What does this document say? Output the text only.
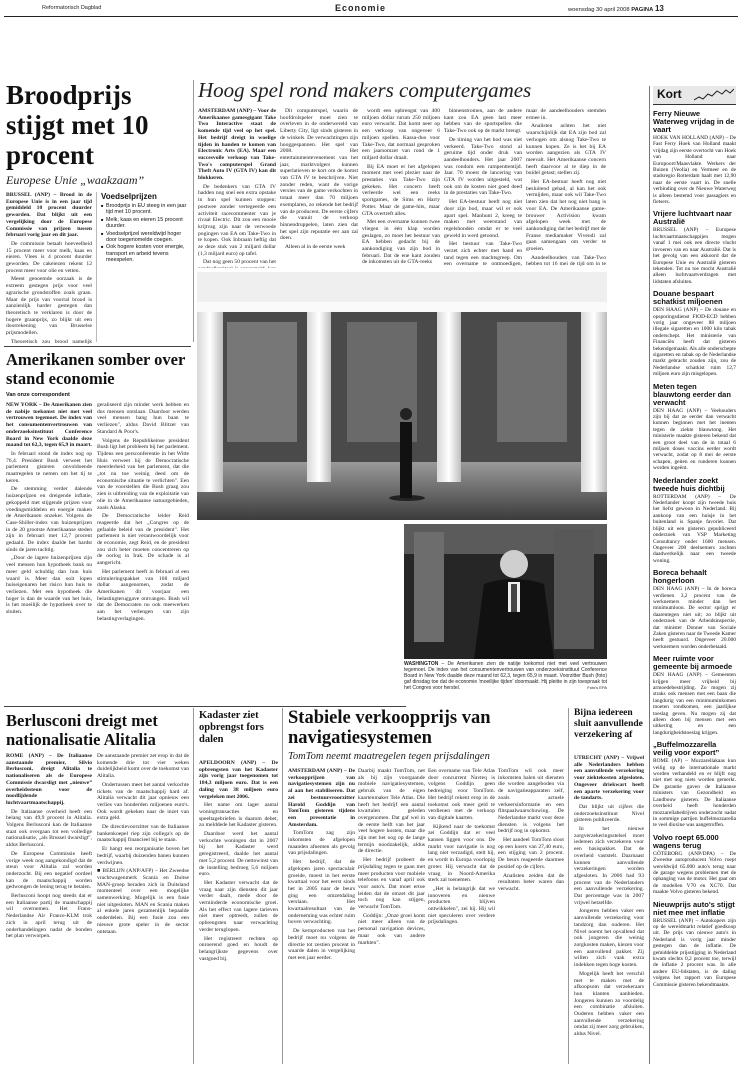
Reformatorisch Dagblad	Economie	woensdag 30 april 2008 PAGINA 13
Broodprijs stijgt met 10 procent
Europese Unie „waakzaam”

BRUSSEL (ANP) – Brood in de Europese Unie is in een jaar tijd gemiddeld 10 procent duurder geworden. Dat blijkt uit een vergelijking door de Europese Commissie van prijzen tussen februari vorig jaar en dit jaar.

De commissie betaalt hoeveelheid 15 procent meer voor melk, kaas en eieren. Vlees is 4 procent duurder geworden. De cakeiezen rekent 12 procent meer voor olie en vetten.

Meest genoemde oorzaak is de extreem gestegen prijs voor veel agrarische grondstoffen zoals graan. Maar de prijs van voorral brood is aanzienlijk harder gestegen dan theoretisch te verklaren is door de hogere graanprijs, zo blijkt uit een doorrekening van Brusselse prijsmodellen.

Theoretisch zou brood namelijk

Voedselprijzen
■ Broodprijs in EU steeg in een jaar tijd met 10 procent.
■ Melk, kaas en eieren 15 procent duurder.
■ Voedselprijzel wereldwijd hoger door toegenomelde coegen.
■ Ook hogere kosten voor energie, transport en arbeid tevens meespelen.
Hoog spel rond makers computergames

AMSTERDAM (ANP) – Voor de Amerikaanse gamesgigant Take Two Interactive staat de komende tijd veel op het spel. Het bedrijf dreigt in woelige tijden in handen te komen van Electronic Arts (EA). Maar een succesvolle verkoop van Take-Two's computerspel Grand Theft Auto IV (GTA IV) kan dit blokkeren.

De bedenkers van GTA IV hadden nog snel een extra opstake in hun spel kunnen stoppen: postwee zonder vertegeerde een activiteit racecommenter van je rivaal Electric. Dit zou een mooie krijtvag zijn naar de verwoede pogingen van EA om Take-Two in te kopen. Ook Inbraam heftig dat ze deze stuk van 2 miljard dollar (1,3 miljard euro) op tafel.

Dat nog geen 50 procent van het

Dit computerspel, waarin de hoofdrolspeler moet zien te overleven in de onderwereld van Liberty City, ligt sinds gisteren in de winkels. De verwachtingen zijn hooggespannen. Het spel van 2008. Het entertainmentevenement van het jaar, marktvolgers kunnen superlatieven te kort om de komst van GTA IV te beschrijven. Niet zonder reden, want de vorige versies van de game verkochten in totaal meer dan 70 miljoen exemplaren, zo rekende het bedrijf van de producent. De eerste cijfers die vanuit de verkoop binnendruppelen, laten zien dat het spel zijn reputatie eer aan zal doen.

Alleen al in de eerste week

wordt een opbrengst van 400 miljoen dollar rurum 250 miljoen euro verwacht. Dat komt neer op een verkoop van ongeveer 6 miljoen spellen. Kassa-duo voor Take-Two, dat normaal gesproken een jaarsomzet van rond de 1 miljard dollar draait.

Bij EA moet er het afgelopen moment met veel plezier naar de prestaties van Take-Two zijn gekeken. Het concern heeft verleerde wel een reeks sportgames, de Sims en Harry Potter. Maar de game-hits, maar GTA overtreft alles.

Met een overname kunnen twee vliegen in één klap worden geslagen, zo moet het bestuur van EA hebben gedacht bij de aankondiging van zijn bod in februari. Dat de ene kant zouden de inkomsten uit de GTA-reeks

binnenstromen, aan de andere kant zou EA geen last meer hebben van de sportspellen die Take-Two ook op de markt brengt.

De timing van het bod was niet verkeerd. Take-Two stond al geruime tijd onder druk van aandeelhouders. Het jaar 2007 was rondom een rampenttentijd. Jaar. 70 moest de lancering van GTA IV worden uitgesteld, wat ook om de kosten niet goed deed in de prestaties van Take-Two.

Het EA-bestuur heeft nog niet door zijn bod, maar wil er ook apart spel. Manhunt 2, kreeg te maken met weerstand van regelshonden omdat er te veel geweld in werd getoond.

Het bestuur van Take-Two verzet zich echter met hand en tand tegen een machtsgreep. Om een overname te ontmoedigen,

maar de aandeelhouders stemden ermee in.

Analisten achten het niet waarschijnlijk dat EA zijn bod zal verhogen om alsnog Take-Two te kunnen kopen. Ze is het bij EA worden aangezien als GTA IV meevalt. Het Amerikaanse concern heeft daarvoor al te diep in de buidel getast; stellen zij.

Het EA-bestuur heeft nog niet besluitend gehad, al kan het ook vermijden, maar ook wil Take-Two laten zien dat het nog niet bang is voor EA. De Amerikaanse game-brouwer Activision kwam afgelopen week met de aankondiging dat het bedrijf met de Franse mediamaker Vivendi zal gaan samengaan om verder te groeien.

Aandeelhouders van Take-Two hebben tot 16 mei de tijd om in te

WASHINGTON – De Amerikanen zien de natiije toekomst niet met veel vertrouwen tegemoet. De index van het consumentenvertrouwen van onderzoeksinstituut Conference Board in New York daalde deze maand tot 62,3, tegen 65,9 in maart. Voorzitter Bush (foto) gaf dinsdag toe dat de economie 'moeilijke tijden' doormaakt. Hij pleitte in zijn toespraak tot het Congres voor herstel.	Foto's EPA
Amerikanen somber over stand economie
Van onze correspondent

NEW YORK – De Amerikanen zien de nabije toekomst niet met veel vertrouwen tegemoet. De index van het consumentenvertrouwen van onderzoeksinstituut Conference Board in New York daalde deze maand tot 62,3, tegen 65,9 in maart.

In februari stond de index nog op 76,4. President Bush verweet het parlement gisteren onvoldoende maatregelen te nemen om het tij te keren.

De stemming verder dalende huizenprijzen en dreigende inflatie, gekoppeld met stijgende prijzen voor voedingsmiddelen en energie maken de Amerikanen onzeker. Volgens de Case-Shiller-index van huizenprijzen in de 20 grootste Amerikaanse steden zijn in februari met 12,7 procent gedaald. De index daalde het hardst sinds de jaren tachtig.

„Door de lagere huizenprijzen zijn veel mensen hun hypotheek bank nu meer geld schuldig dan hun huis waard is. Meer dan ooit lopen huiseigenaren het risico hun huis te verliezen. Met een hypotheek die hoger is dan de waarde van het huis, is het moeilijk de hypotheek over te sluiten.

geraliseerd zijn minder werk hebben en dus mensen ontslaan. Daardoor werden veel mensen bang hun baan te verliezen", aldus David Blitzer van Standard & Poor's.

Volgens de Republikeinse president Bush ligt het probleem bij het parlement. Tijdens een persconferentie in het Witte Huis verweet hij de Democratische meerderheid van het parlement, dat die „tot nu toe weinig deed om de economische situatie te verlichten". Een van de voorstellen die Bush graag zou zien is uitbreiding van de exploitatie van olie in de Amerikaanse natuurgebieden, zoals Alaska.

De Democratische leider Reid reageerde dat het „Congres op de gefaalde beleid van de president". Het parlement is niet verantwoordelijk voor de economie, zegt Reid, en de president zou zich beter moeten concentreren op de oorlog in Irak. De schade is al aangericht.

Het parlement heeft in februari al een stimuleringspakket van 168 miljard dollar aangenomen, zodat de Amerikanen dit voorjaar een belastingteruggave ontvangen. Bush wil dat de Democraten nu ook meewerken aan het verlengen van zijn belastingverlagingen.

Berlusconi dreigt met nationalisatie Alitalia

ROME (ANP) – De Italiaanse aanstaande premier, Silvio Berlusconi, dreigt Alitalia te nationaliseren als de Europese Commissie dwarsligt met „nieuwe” overheidssteun voor de noodlijdende luchtvaartmaatschappij.

De Italiaanse overheid heeft een belang van 49,9 procent in Alitalia. Volgens Berlusconi kan de Italiaanse staat ook overgaan tot een volledige nationalisatie, „als Brussel dwarsligt", aldus Berlusconi.

De Europese Commissie heeft vorige week nog aangekondigd dat de steun voor Alitalia zal worden onderzocht. Bij een negatief oordeel kan de maatschappij worden gedwongen de lening terug te betalen.

Berlusconi hoopt nog steeds dat er een Italiaanse partij de maatschappij wil overnemen. Het Frans-Nederlandse Air France-KLM trok zich in april terug uit de onderhandelingen nadat de bonden het plan verworpen.

De aanstaande premier zet erop in dat de komende drie tot vier weken duidelijkheid komt over de toekomst van Alitalia.

Ondertussen meet het aantal verkochte tickets van de maatschappij hard af. Alitalia verwacht dit jaar opnieuw een verlies van honderden miljoenen euro's. Ook wordt gekeken naar de inzet van extra geld.

De directievoorzitter van de Italiaanse bankenkoepel riep zijn collega's op de maatschappij financieel bij te staan.

Er hangt een reorganisatie boven het bedrijf, waarbij duizenden banen kunnen verdwijnen.

■ BERLIJN (ANP/AFP) – Het Zweedse vrachtwagenmerk Scania en Duitse MAN-groep beraden zich in Duitsland momenteel over een mogelijke samenwerking. Mogelijk is een fusie niet uitgesloten. MAN en Scania maken al enkele jaren gezamenlijk bepaalde onderdelen. Bij een fusie zou een nieuwe grote speler in de sector ontstaan.

Kadaster ziet opbrengst fors dalen

APELDOORN (ANP) – De opbrengsten van het Kadaster zijn vorig jaar toegenomen tot 184,3 miljoen euro. Dat is een daling van 38 miljoen euro vergeleken met 2006.

Het name om lager aantal woningtransacties en speeltagebriefen is daarom debet, zo melddede het Kadaster gisteren.

Daardoor werd het aantal verkochte woningen dat in 2007 bij het Kadaster werd geregistreerd, daalde het aantal met 5,2 procent. De nettowinst van de instelling bedroeg 5,6 miljoen euro.

Het Kadaster verwacht dat de vraag naar zijn diensten dit jaar verder daalt, mede door de verminderde economische groei. Als het effect van lagere tarieven niet meer optreedt, zullen de opbrengsten naar verwachting verder teruglopen.

Het registreert rechten op onroerend goed en houdt de belangrijkste gegevens over vastgoed bij.

Stabiele verkoopprijs van navigatiesystemen
TomTom neemt maatregelen tegen prijsdalingen

AMSTERDAM (ANP) – De verkoopprijzen van navigatiesystemen zijn nu al aan het stabiliseren. Dat zei bestuursvoorzitter Harold Goddijn van TomTom gisteren tijdens een presentatie in Amsterdam.

TomTom zag zijn inkomsten de afgelopen maanden afnemen als gevolg van prijsdalingen.

Het bedrijf, dat de afgelopen jaren spectaculair groeide, moest in het eerste kwartaal voor het eerst sinds het in 2005 naar de beurs ging een omzetdaling verslaan. Het kwartaalresultaat van de onderneming was echter ruim boven verwachting.

De kernproducten van het bedrijf moet nu volgens de directie tot zestien procent in waarde dalen in vergelijking met een jaar eerder.

Daarbij maakt TomTom, net als bij zijn voorgaande mobiele navigatiesystemen, gebruik van de eigen kaartenmaker Tele Atlas. Die heeft het bedrijf een aantal kwartalen geleden overgenomen. Dat gaf wel in de eerste helft van het jaar veel hogere kosten, maar die zijn met het oog op de lange termijn noodzakelijk, aldus de directie.

Het bedrijf probeert de prijsdaling tegen te gaan met meer producten voor mobiele telefoons en vanaf april ook voor auto's. Dat moet ertoe leiden dat de omzet dit jaar toch nog kan stijgen, verwacht TomTom.

Goddijn: „Onze groei komt niet meer alleen van de personal navigation devices, maar ook van andere markten".

Een overname van Tele Atlas door concurrent Navteq is volgens Goddijn geen bedreiging voor TomTom. Het bedrijf rekent erop in de toekomst ook meer geld te verdienen met de verkoop van digitale kaarten.

Kijkend naar de toekomst zei Goddijn dat er veel kansen liggen voor ons. De markt voor navigatie is nog lang niet verzadigd, stelt hij, en wordt in Europa voorlopig groter. Hij verwacht dat de vraag in Noord-Amerika sterk zal toenemen.

„Het is belangrijk dat we innoveren en nieuwe producten blijven ontwikkelen", zei hij. Hij wil niet speculeren over verdere prijsdalingen.

TomTom wil ook meer inkomsten halen uit diensten die worden aangeboden via de navigatieapparaten zelf, zoals actuele verkeersinformatie en een flitspaalwaarschuwing. De Nederlandse markt voor deze diensten is volgens het bedrijf nog in opkomst.

Het aandeel TomTom sloot op een koers van 27,40 euro, een stijging van 2 procent. De beurs reageerde daarmee positief op de cijfers.

Analisten zeiden dat de resultaten beter waren dan verwacht.

Bijna iedereen sluit aanvullende verzekering af

UTRECHT (ANP) – Vrijwel alle Nederlanders hebben een aanvullende verzekering voor ziektekosten afgesloten. Ongeveer driekwart heeft een aparte verzekering voor de tandarts.

Dat blijkt uit cijfers die onderzoeksinstituut Nivel gisteren publiceerde.

In het nieuwe zorgverzekeringsstelsel moet iedereen zich verzekeren voor een basispakket. Dat de overheid vaststelt. Daarnaast kunnen aanvullende verzekeringen worden afgesloten. In 2006 had 93 procent van de Nederlanders een aanvullende verzekering. Dat percentage was in 2007 vrijwel hetzelfde.

Jongeren hebben vaker een aanvullende verzekering voor tandzorg dan ouderen. Het Nivel noemt het opvallend dat ook jongeren die weinig zorgkosten maken, kiezen voor een aanvullend pakket. Zij willen zich vaak extra indekken tegen hoge kosten.

Mogelijk heeft het verschil met te maken met de afkoopsom dat verzekeraars hun klanten aanbieden. Jongeren kunnen zo voordelig een combinatie afsluiten. Ouderen hebben vaker een aanvullende verzekering omdat zij meer zorg gebruiken, aldus Nivel.

Kort
Ferry Nieuwe Waterweg vrijdag in de vaart

HOEK VAN HOLLAND (ANP) – De Fast Ferry Hoek van Holland maakt vrijdag zijn eerste overtocht van Hoek van Holland naar Europoort/Maasvlakte. Werkers der Buizen (Veolia) en Vermeer en de stadsregio Rotterdam haalt met 12,90 naar de eerste vaart in. De snelle verbinding over de Nieuwe Waterweg is alleen bestemd voor passagiers en fietsers.

Vrijere luchtvaart naar Australië

BRUSSEL (ANP) – Europese luchtvaartmaatschappijen mogen vanaf 1 mei ook een directe vlucht invoeren van en naar Australië. Dat is het gevolg van een akkoord dat de Europese Unie en Australië gisteren tekenden. Tot nu toe mocht Australië alleen luchtvaartverdragen met lidstaten afsluiten.

Douane bespaart schatkist miljoenen

DEN HAAG (ANP) – De douane en opsporingsdienst FIOD-ECD hebben vorig jaar ongeveer 88 miljoen illegale sigaretten en 1000 kilo tabak onderschept. Het ministerie van Financiën heeft dat gisteren bekendgemaakt. Als alle onderschepte sigaretten en tabak op de Nederlandse markt gebracht zouden zijn, zou de Nederlandse schatkist ruim 12,7 miljoen euro zijn misgelopen.

Meten tegen blauwtong eerder dan verwacht

DEN HAAG (ANP) – Veehouders zijn bij dat ze eerder dan verwacht kunnen beginnen met het inenten tegen de ziekte blauwtong. Het ministerie maakte gisteren bekend dat een groot deel van de in totaal 6 miljoen doses vaccins eerder wordt verwacht, zodat op 8 mei de eerste schapen, geiten en runderen kunnen worden ingeënt.

Nederlander zoekt tweede huis dichtbij

ROTTERDAM (ANP) – De Nederlander koopt zijn tweede huis het liefst gewoon in Nederland. Bij aankoop van een huisje in het buitenland is Spanje favoriet. Dat blijkt uit een gisteren gepubliceerd onderzoek van VSP Marketing Consultancy onder 1600 mensen. Ongeveer 200 deelnemers zochten daadwerkelijk naar een tweede woning.

Boreca behaalt hongerloon

DEN HAAG (ANP) – In de boreca verdienen 3,2 procent van de werknemers minder dan het minimumloon. De sector sprijgt er daarentegen niet uit; zo blijkt uit onderzoek van de Arbeidsinspectie, dat minister Donner van Sociale Zaken gisteren naar de Tweede Kamer heeft gestuurd. Ongeveer 20.000 werknemers worden onderbetaald.

Meer ruimte voor gemeente bij armoede

DEN HAAG (ANP) – Gemeenten krijgen meer vrijheid bij armoedebestrijding. Zo mogen zij straks ook mensen met een baan die langdurig van een minimuminkomen moeten rondkomen, een jaarlijkse toeslag geven. Nu mogen zij dat alleen doen bij mensen met een uitkering en een langdurigheidstoeslag krijgen.

„Buffelmozzarella veilig voor export”

ROME (AP) – Mozzarellakaas kun veilig op de internationale markt worden verhandeld en er blijft nog niet met nog niets worden gemerkt. De garantie gaven de Italiaanse ministers van Gezondheid en Landbouw gisteren. De Italiaanse overheid heeft honderden mozzarellabedrijven onderzocht nadat in sommige partijen buffelmozzarella te veel dioxine was aangetroffen.

Volvo roept 65.000 wagens terug

GÖTEBORG (ANP/DPA) – De Zweedse autoproducent Volvo roept wereldwijd 65.000 auto's terug naar de garage wegens problemen met de ophanging van de motor. Het gaat om de modellen V70 en XC70. Dat maakte Volvo gisteren bekend.

Nieuwprijs auto's stijgt niet mee met inflatie

BRUSSEL (ANP) – Autokopers zijn op de wereldmarkt relatief goedkoop uit. De prijs van nieuwe auto's in Nederland is vorig jaar minder gestegen dan de inflatie. De gemiddelde prijsstijging in Nederland kwam slechts 0,2 procent toe, terwijl de inflatie 2 procent was. In alle andere EU-lidstaten, is de daling volgens het rapport van Europese Commissie gisteren bekendmaakte.
